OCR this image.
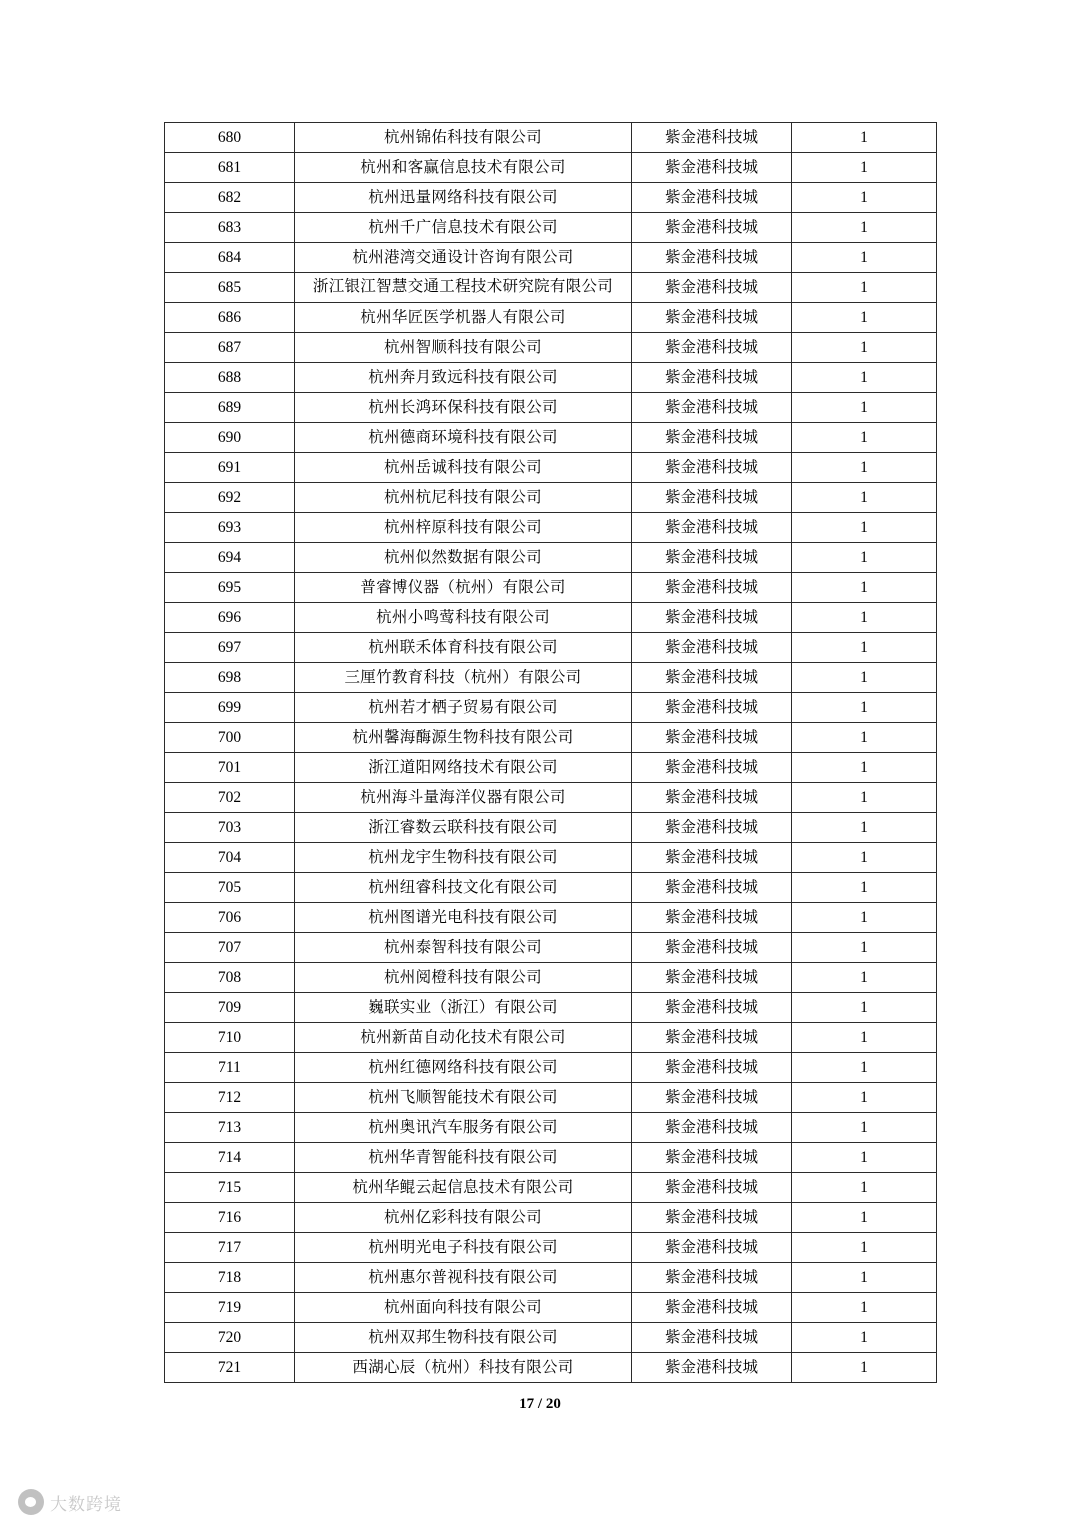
680	杭州锦佑科技有限公司	紫金港科技城	1
681	杭州和客赢信息技术有限公司	紫金港科技城	1
682	杭州迅量网络科技有限公司	紫金港科技城	1
683	杭州千广信息技术有限公司	紫金港科技城	1
684	杭州港湾交通设计咨询有限公司	紫金港科技城	1
685	浙江银江智慧交通工程技术研究院有限公司	紫金港科技城	1
686	杭州华匠医学机器人有限公司	紫金港科技城	1
687	杭州智顺科技有限公司	紫金港科技城	1
688	杭州奔月致远科技有限公司	紫金港科技城	1
689	杭州长鸿环保科技有限公司	紫金港科技城	1
690	杭州德商环境科技有限公司	紫金港科技城	1
691	杭州岳诚科技有限公司	紫金港科技城	1
692	杭州杭尼科技有限公司	紫金港科技城	1
693	杭州梓原科技有限公司	紫金港科技城	1
694	杭州似然数据有限公司	紫金港科技城	1
695	普睿博仪器（杭州）有限公司	紫金港科技城	1
696	杭州小鸣莺科技有限公司	紫金港科技城	1
697	杭州联禾体育科技有限公司	紫金港科技城	1
698	三厘竹教育科技（杭州）有限公司	紫金港科技城	1
699	杭州若才栖子贸易有限公司	紫金港科技城	1
700	杭州馨海酶源生物科技有限公司	紫金港科技城	1
701	浙江道阳网络技术有限公司	紫金港科技城	1
702	杭州海斗量海洋仪器有限公司	紫金港科技城	1
703	浙江睿数云联科技有限公司	紫金港科技城	1
704	杭州龙宇生物科技有限公司	紫金港科技城	1
705	杭州纽睿科技文化有限公司	紫金港科技城	1
706	杭州图谱光电科技有限公司	紫金港科技城	1
707	杭州泰智科技有限公司	紫金港科技城	1
708	杭州阅橙科技有限公司	紫金港科技城	1
709	巍联实业（浙江）有限公司	紫金港科技城	1
710	杭州新苗自动化技术有限公司	紫金港科技城	1
711	杭州红德网络科技有限公司	紫金港科技城	1
712	杭州飞顺智能技术有限公司	紫金港科技城	1
713	杭州奥讯汽车服务有限公司	紫金港科技城	1
714	杭州华青智能科技有限公司	紫金港科技城	1
715	杭州华鲲云起信息技术有限公司	紫金港科技城	1
716	杭州亿彩科技有限公司	紫金港科技城	1
717	杭州明光电子科技有限公司	紫金港科技城	1
718	杭州惠尔普视科技有限公司	紫金港科技城	1
719	杭州面向科技有限公司	紫金港科技城	1
720	杭州双邦生物科技有限公司	紫金港科技城	1
721	西湖心辰（杭州）科技有限公司	紫金港科技城	1
17 / 20
大数跨境
